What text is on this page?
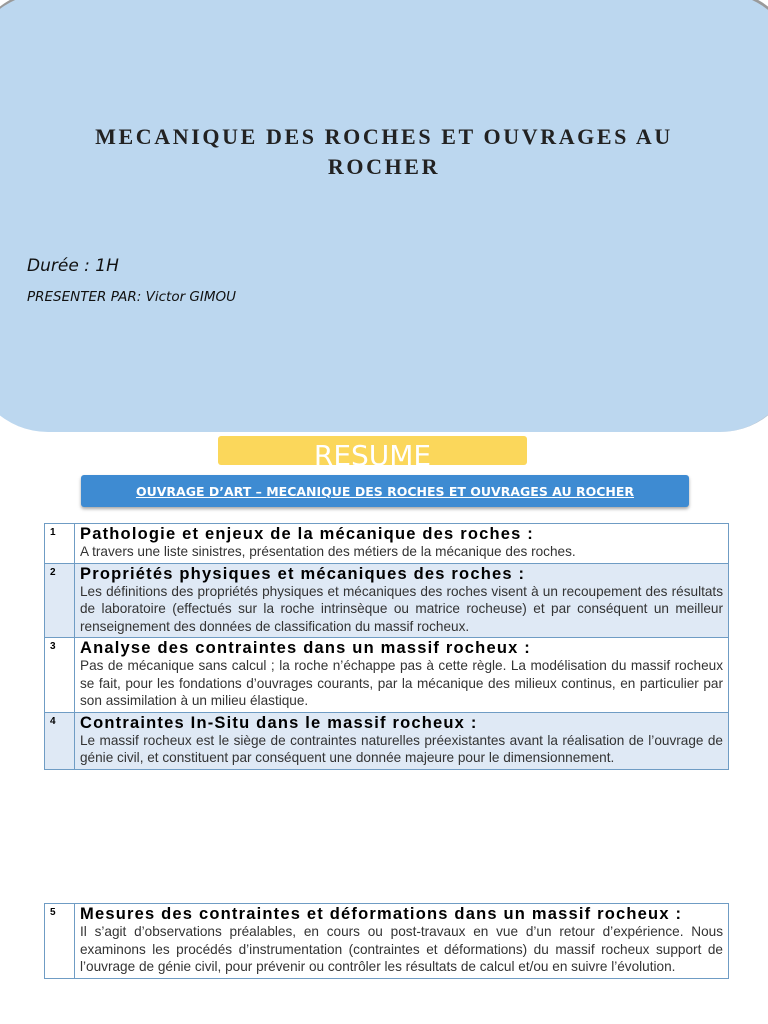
MECANIQUE DES ROCHES ET OUVRAGES AU ROCHER
Durée : 1H
PRESENTER PAR: Victor GIMOU
RESUME
OUVRAGE D’ART – MECANIQUE DES ROCHES ET OUVRAGES AU ROCHER
1	Pathologie et enjeux de la mécanique des roches :
A travers une liste sinistres, présentation des métiers de la mécanique des roches.

2	Propriétés physiques et mécaniques des roches :
Les définitions des propriétés physiques et mécaniques des roches visent à un recoupement des résultats de laboratoire (effectués sur la roche intrinsèque ou matrice rocheuse) et par conséquent un meilleur renseignement des données de classification du massif rocheux.

3	Analyse des contraintes dans un massif rocheux :
Pas de mécanique sans calcul ; la roche n’échappe pas à cette règle. La modélisation du massif rocheux se fait, pour les fondations d’ouvrages courants, par la mécanique des milieux continus, en particulier par son assimilation à un milieu élastique.

4	Contraintes In-Situ dans le massif rocheux :
Le massif rocheux est le siège de contraintes naturelles préexistantes avant la réalisation de l’ouvrage de génie civil, et constituent par conséquent une donnée majeure pour le dimensionnement.
5	Mesures des contraintes et déformations dans un massif rocheux :
Il s’agit d’observations préalables, en cours ou post-travaux en vue d’un retour d’expérience. Nous examinons les procédés d’instrumentation (contraintes et déformations) du massif rocheux support de l’ouvrage de génie civil, pour prévenir ou contrôler les résultats de calcul et/ou en suivre l’évolution.
